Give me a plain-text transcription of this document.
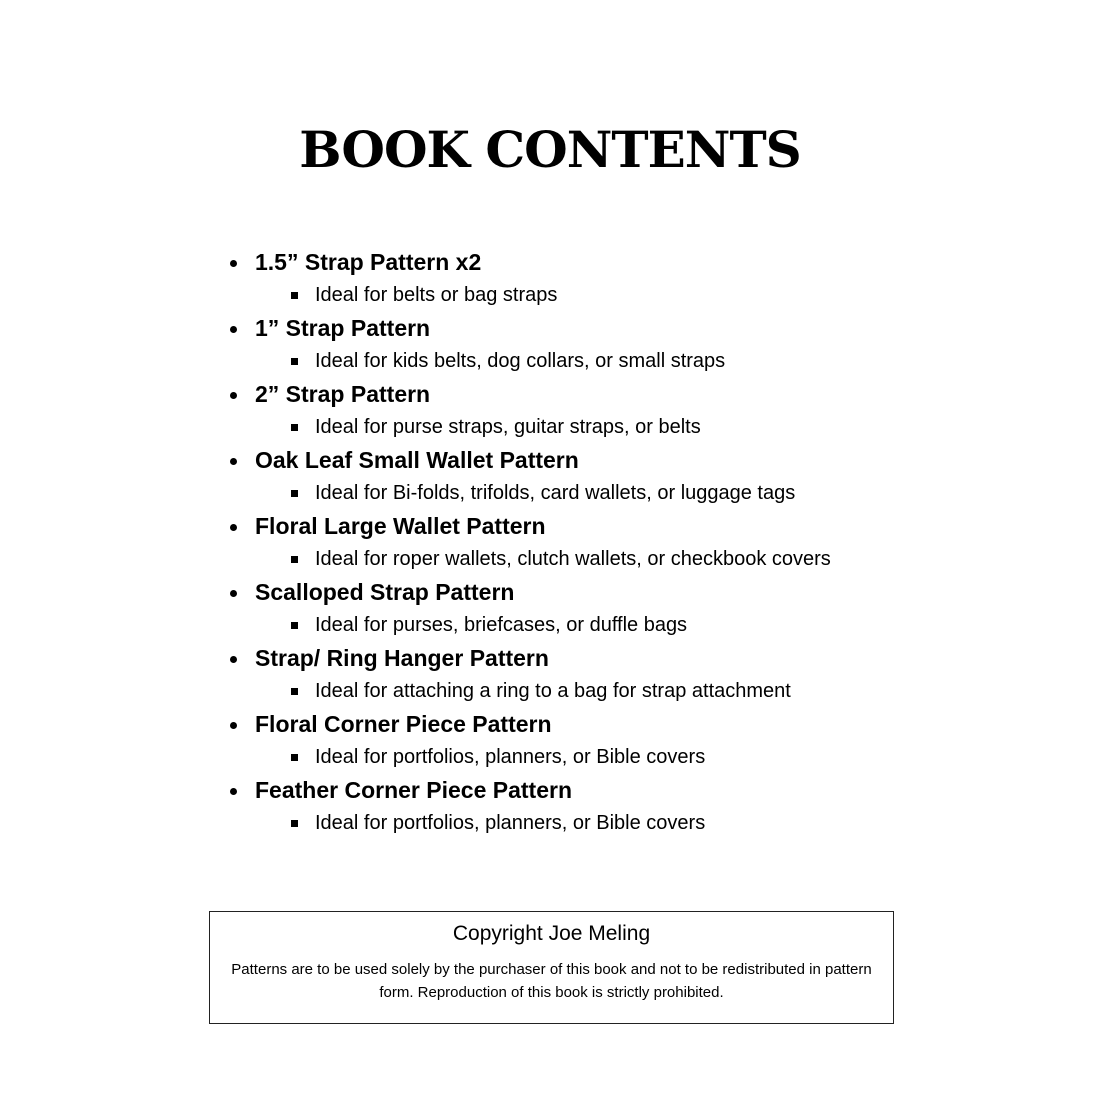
BOOK CONTENTS
1.5” Strap Pattern x2
Ideal for belts or bag straps
1” Strap Pattern
Ideal for kids belts, dog collars, or small straps
2” Strap Pattern
Ideal for purse straps, guitar straps, or belts
Oak Leaf Small Wallet Pattern
Ideal for Bi-folds, trifolds, card wallets, or luggage tags
Floral Large Wallet Pattern
Ideal for roper wallets, clutch wallets, or checkbook covers
Scalloped Strap Pattern
Ideal for purses, briefcases, or duffle bags
Strap/ Ring Hanger Pattern
Ideal for attaching a ring to a bag for strap attachment
Floral Corner Piece Pattern
Ideal for portfolios, planners, or Bible covers
Feather Corner Piece Pattern
Ideal for portfolios, planners, or Bible covers
Copyright Joe Meling
Patterns are to be used solely by the purchaser of this book and not to be redistributed in pattern form. Reproduction of this book is strictly prohibited.
